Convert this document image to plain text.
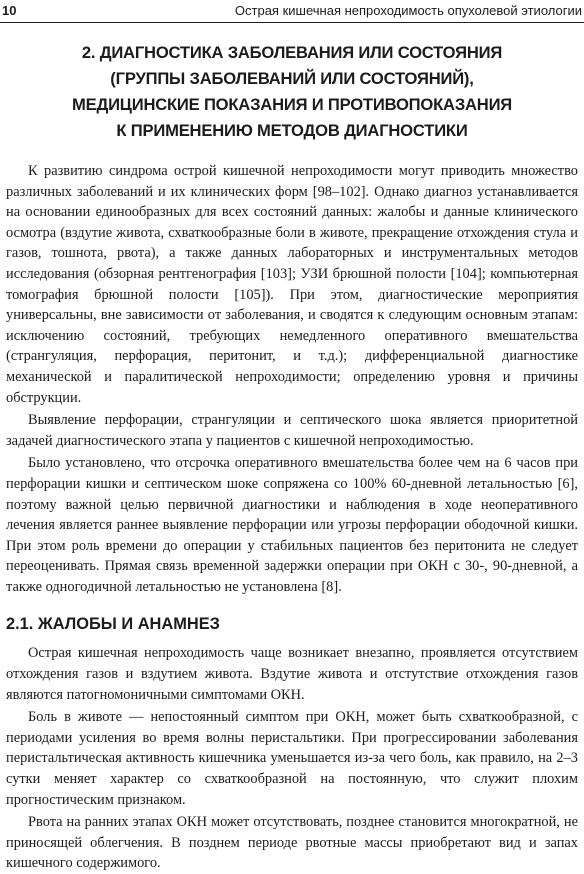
10	Острая кишечная непроходимость опухолевой этиологии
2. ДИАГНОСТИКА ЗАБОЛЕВАНИЯ ИЛИ СОСТОЯНИЯ
(ГРУППЫ ЗАБОЛЕВАНИЙ ИЛИ СОСТОЯНИЙ),
МЕДИЦИНСКИЕ ПОКАЗАНИЯ И ПРОТИВОПОКАЗАНИЯ
К ПРИМЕНЕНИЮ МЕТОДОВ ДИАГНОСТИКИ

К развитию синдрома острой кишечной непроходимости могут приводить множество различных заболеваний и их клинических форм [98–102]. Однако диагноз устанавливается на основании единообразных для всех состояний данных: жалобы и данные клинического осмотра (вздутие живота, схваткообразные боли в животе, прекращение отхождения стула и газов, тошнота, рвота), а также данных лабораторных и инструментальных методов исследования (обзорная рентгенография [103]; УЗИ брюшной полости [104]; компьютерная томография брюшной полости [105]). При этом, диагностические мероприятия универсальны, вне зависимости от заболевания, и сводятся к следующим основным этапам: исключению состояний, требующих немедленного оперативного вмешательства (странгуляция, перфорация, перитонит, и т.д.); дифференциальной диагностике механической и паралитической непроходимости; определению уровня и причины обструкции.

Выявление перфорации, странгуляции и септического шока является приоритетной задачей диагностического этапа у пациентов с кишечной непроходимостью.

Было установлено, что отсрочка оперативного вмешательства более чем на 6 часов при перфорации кишки и септическом шоке сопряжена со 100% 60-дневной летальностью [6], поэтому важной целью первичной диагностики и наблюдения в ходе неоперативного лечения является раннее выявление перфорации или угрозы перфорации ободочной кишки. При этом роль времени до операции у стабильных пациентов без перитонита не следует переоценивать. Прямая связь временной задержки операции при ОКН с 30-, 90-дневной, а также одногодичной летальностью не установлена [8].

2.1. ЖАЛОБЫ И АНАМНЕЗ

Острая кишечная непроходимость чаще возникает внезапно, проявляется отсутствием отхождения газов и вздутием живота. Вздутие живота и отстутствие отхождения газов являются патогномоничными симптомами ОКН.

Боль в животе — непостоянный симптом при ОКН, может быть схваткообразной, с периодами усиления во время волны перистальтики. При прогрессировании заболевания перистальтическая активность кишечника уменьшается из-за чего боль, как правило, на 2–3 сутки меняет характер со схваткообразной на постоянную, что служит плохим прогностическим признаком.

Рвота на ранних этапах ОКН может отсутствовать, позднее становится многократной, не приносящей облегчения. В позднем периоде рвотные массы приобретают вид и запах кишечного содержимого.
